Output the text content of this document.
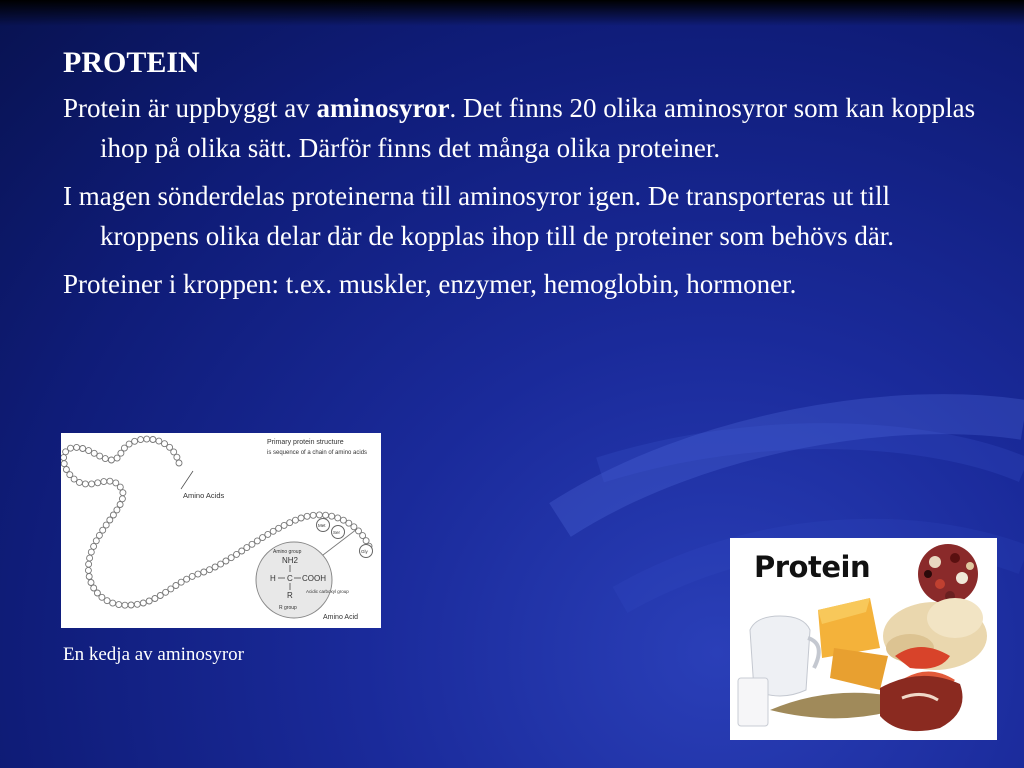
PROTEIN

Protein är uppbyggt av aminosyror. Det finns 20 olika aminosyror som kan kopplas ihop på olika sätt. Därför finns det många olika proteiner.

I magen sönderdelas proteinerna till aminosyror igen. De transporteras ut till kroppens olika delar där de kopplas ihop till de proteiner som behövs där.

Proteiner i kroppen: t.ex. muskler, enzymer, hemoglobin, hormoner.

Primary protein structure
is sequence of a chain of amino acids
Amino Acids
Amino group
NH2
H C COOH
R	Acidic carboxyl group
R group
Amino Acid
Met
Ser
Gly
En kedja av aminosyror
Protein
